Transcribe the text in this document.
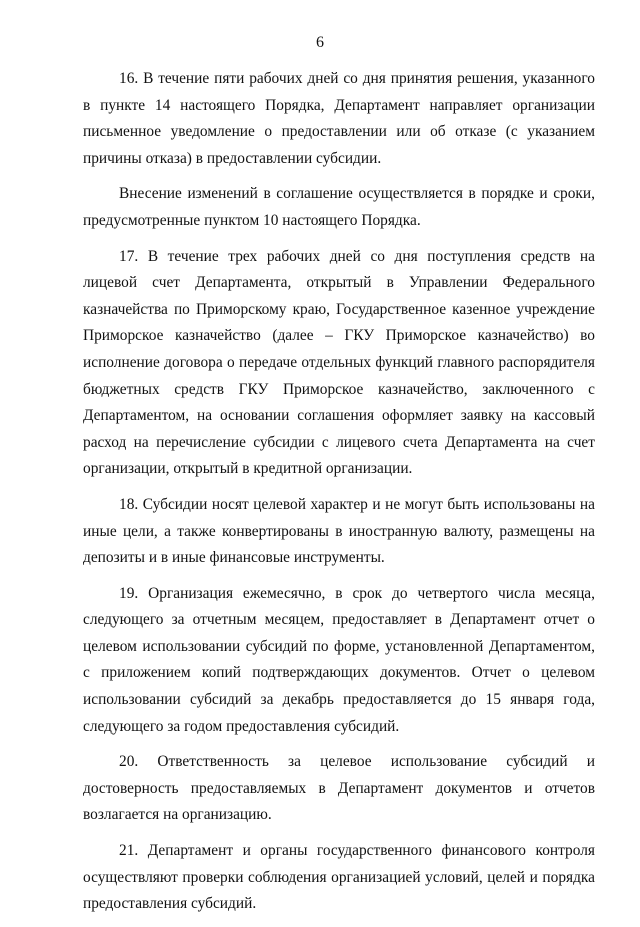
6

16. В течение пяти рабочих дней со дня принятия решения, указанного в пункте 14 настоящего Порядка, Департамент направляет организации письменное уведомление о предоставлении или об отказе (с указанием причины отказа) в предоставлении субсидии.

Внесение изменений в соглашение осуществляется в порядке и сроки, предусмотренные пунктом 10 настоящего Порядка.

17. В течение трех рабочих дней со дня поступления средств на лицевой счет Департамента, открытый в Управлении Федерального казначейства по Приморскому краю, Государственное казенное учреждение Приморское казначейство (далее – ГКУ Приморское казначейство) во исполнение договора о передаче отдельных функций главного распорядителя бюджетных средств ГКУ Приморское казначейство, заключенного с Департаментом, на основании соглашения оформляет заявку на кассовый расход на перечисление субсидии с лицевого счета Департамента на счет организации, открытый в кредитной организации.

18. Субсидии носят целевой характер и не могут быть использованы на иные цели, а также конвертированы в иностранную валюту, размещены на депозиты и в иные финансовые инструменты.

19. Организация ежемесячно, в срок до четвертого числа месяца, следующего за отчетным месяцем, предоставляет в Департамент отчет о целевом использовании субсидий по форме, установленной Департаментом, с приложением копий подтверждающих документов. Отчет о целевом использовании субсидий за декабрь предоставляется до 15 января года, следующего за годом предоставления субсидий.

20. Ответственность за целевое использование субсидий и достоверность предоставляемых в Департамент документов и отчетов возлагается на организацию.

21. Департамент и органы государственного финансового контроля осуществляют проверки соблюдения организацией условий, целей и порядка предоставления субсидий.
